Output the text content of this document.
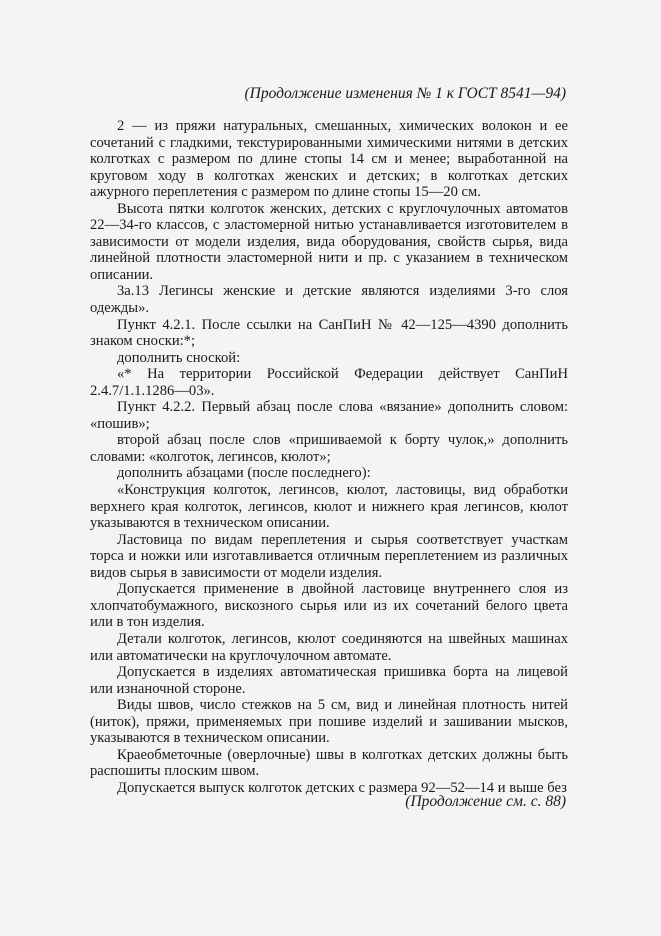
(Продолжение изменения № 1 к ГОСТ 8541—94)

2 — из пряжи натуральных, смешанных, химических волокон и ее сочетаний с гладкими, текстурированными химическими нитями в детских колготках с размером по длине стопы 14 см и менее; выработанной на круговом ходу в колготках женских и детских; в колготках детских ажурного переплетения с размером по длине стопы 15—20 см.

Высота пятки колготок женских, детских с круглочулочных автоматов 22—34-го классов, с эластомерной нитью устанавливается изготовителем в зависимости от модели изделия, вида оборудования, свойств сырья, вида линейной плотности эластомерной нити и пр. с указанием в техническом описании.

3а.13 Легинсы женские и детские являются изделиями 3-го слоя одежды».

Пункт 4.2.1. После ссылки на СанПиН № 42—125—4390 дополнить знаком сноски:*;

дополнить сноской:

«* На территории Российской Федерации действует СанПиН 2.4.7/1.1.1286—03».

Пункт 4.2.2. Первый абзац после слова «вязание» дополнить словом: «пошив»;

второй абзац после слов «пришиваемой к борту чулок,» дополнить словами: «колготок, легинсов, кюлот»;

дополнить абзацами (после последнего):

«Конструкция колготок, легинсов, кюлот, ластовицы, вид обработки верхнего края колготок, легинсов, кюлот и нижнего края легинсов, кюлот указываются в техническом описании.

Ластовица по видам переплетения и сырья соответствует участкам торса и ножки или изготавливается отличным переплетением из различных видов сырья в зависимости от модели изделия.

Допускается применение в двойной ластовице внутреннего слоя из хлопчатобумажного, вискозного сырья или из их сочетаний белого цвета или в тон изделия.

Детали колготок, легинсов, кюлот соединяются на швейных машинах или автоматически на круглочулочном автомате.

Допускается в изделиях автоматическая пришивка борта на лицевой или изнаночной стороне.

Виды швов, число стежков на 5 см, вид и линейная плотность нитей (ниток), пряжи, применяемых при пошиве изделий и зашивании мысков, указываются в техническом описании.

Краеобметочные (оверлочные) швы в колготках детских должны быть распошиты плоским швом.

Допускается выпуск колготок детских с размера 92—52—14 и выше без

(Продолжение см. с. 88)
